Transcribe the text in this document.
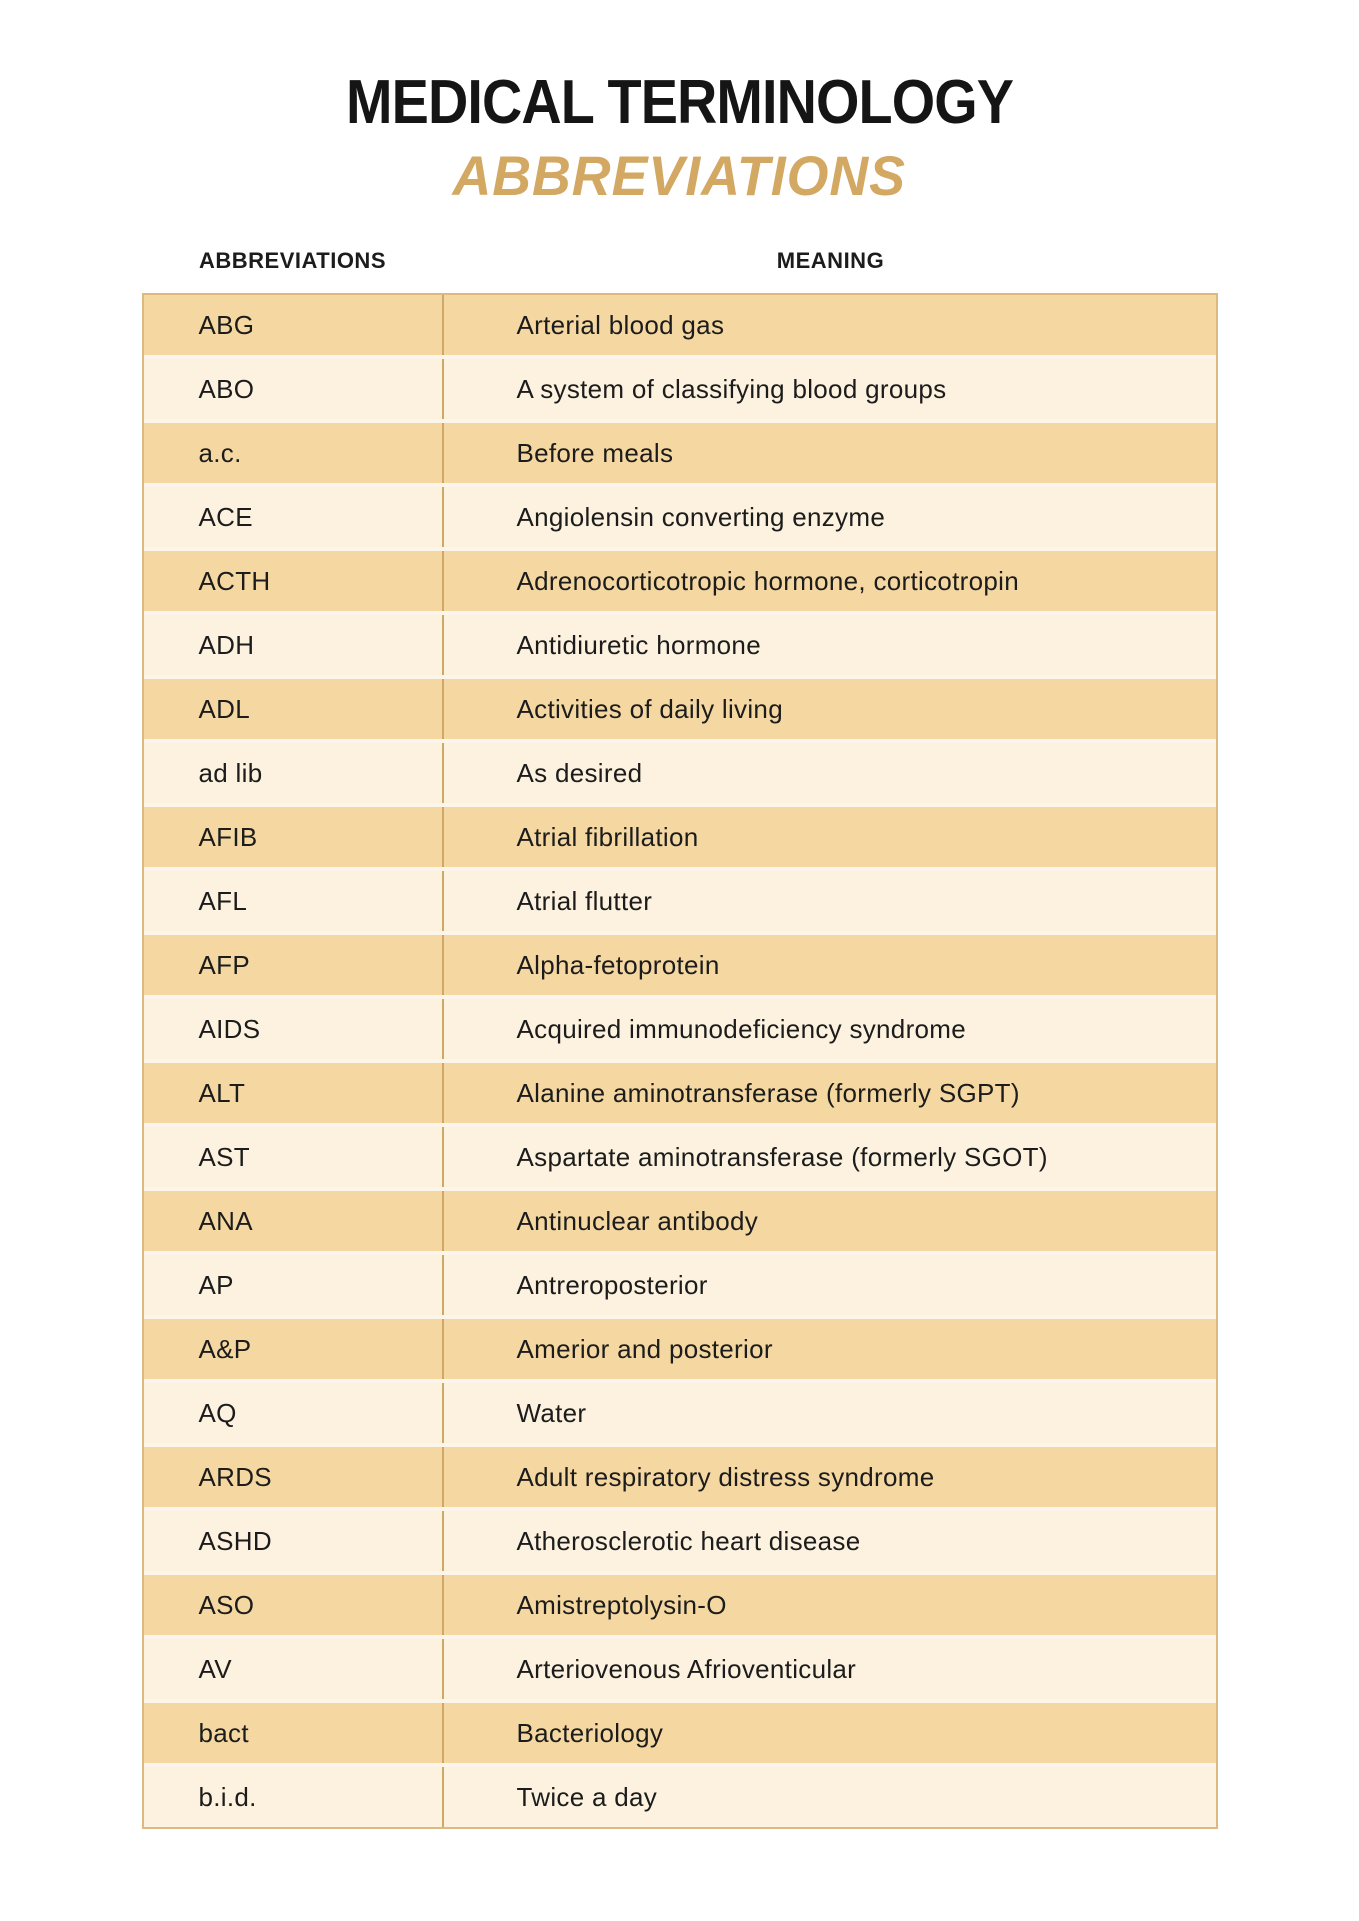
MEDICAL TERMINOLOGY
ABBREVIATIONS
ABBREVIATIONS	MEANING
ABG	Arterial blood gas
ABO	A system of classifying blood groups
a.c.	Before meals
ACE	Angiolensin converting enzyme
ACTH	Adrenocorticotropic hormone, corticotropin
ADH	Antidiuretic hormone
ADL	Activities of daily living
ad lib	As desired
AFIB	Atrial fibrillation
AFL	Atrial flutter
AFP	Alpha-fetoprotein
AIDS	Acquired immunodeficiency syndrome
ALT	Alanine aminotransferase (formerly SGPT)
AST	Aspartate aminotransferase (formerly SGOT)
ANA	Antinuclear antibody
AP	Antreroposterior
A&P	Amerior and posterior
AQ	Water
ARDS	Adult respiratory distress syndrome
ASHD	Atherosclerotic heart disease
ASO	Amistreptolysin-O
AV	Arteriovenous Afrioventicular
bact	Bacteriology
b.i.d.	Twice a day
